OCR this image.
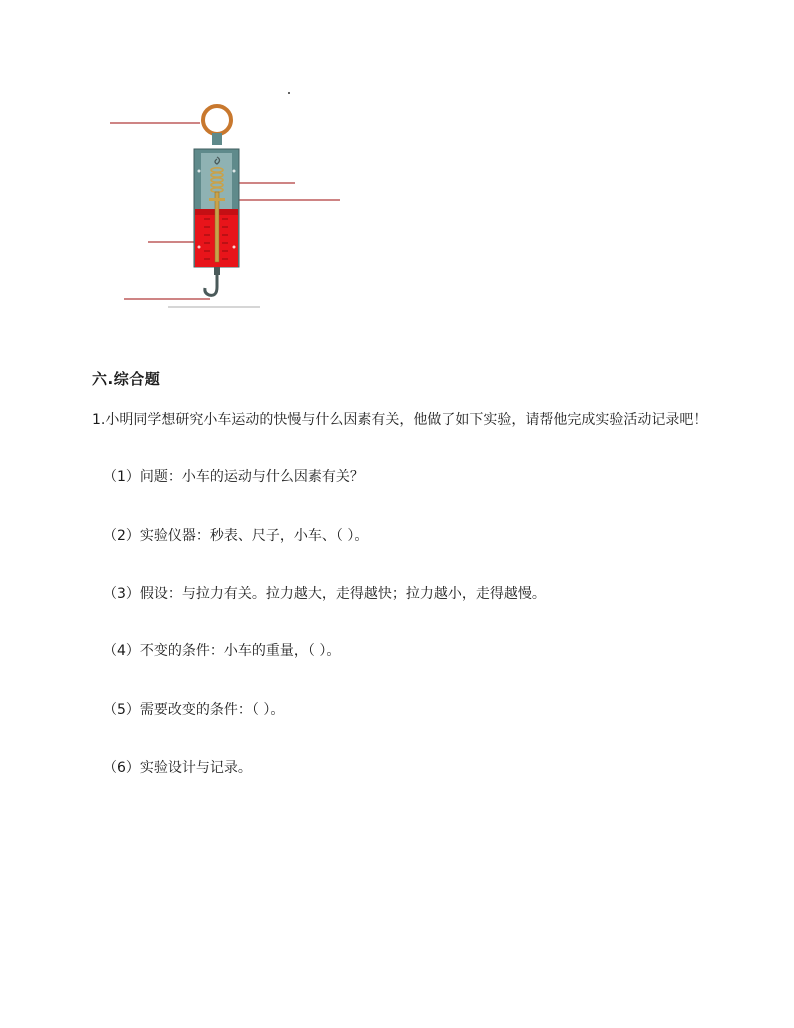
六.综合题
1.小明同学想研究小车运动的快慢与什么因素有关，他做了如下实验，请帮他完成实验活动记录吧！
（1）问题：小车的运动与什么因素有关？
（2）实验仪器：秒表、尺子，小车、（ ）。
（3）假设：与拉力有关。拉力越大，走得越快；拉力越小，走得越慢。
（4）不变的条件：小车的重量，（ ）。
（5）需要改变的条件：（ ）。
（6）实验设计与记录。
